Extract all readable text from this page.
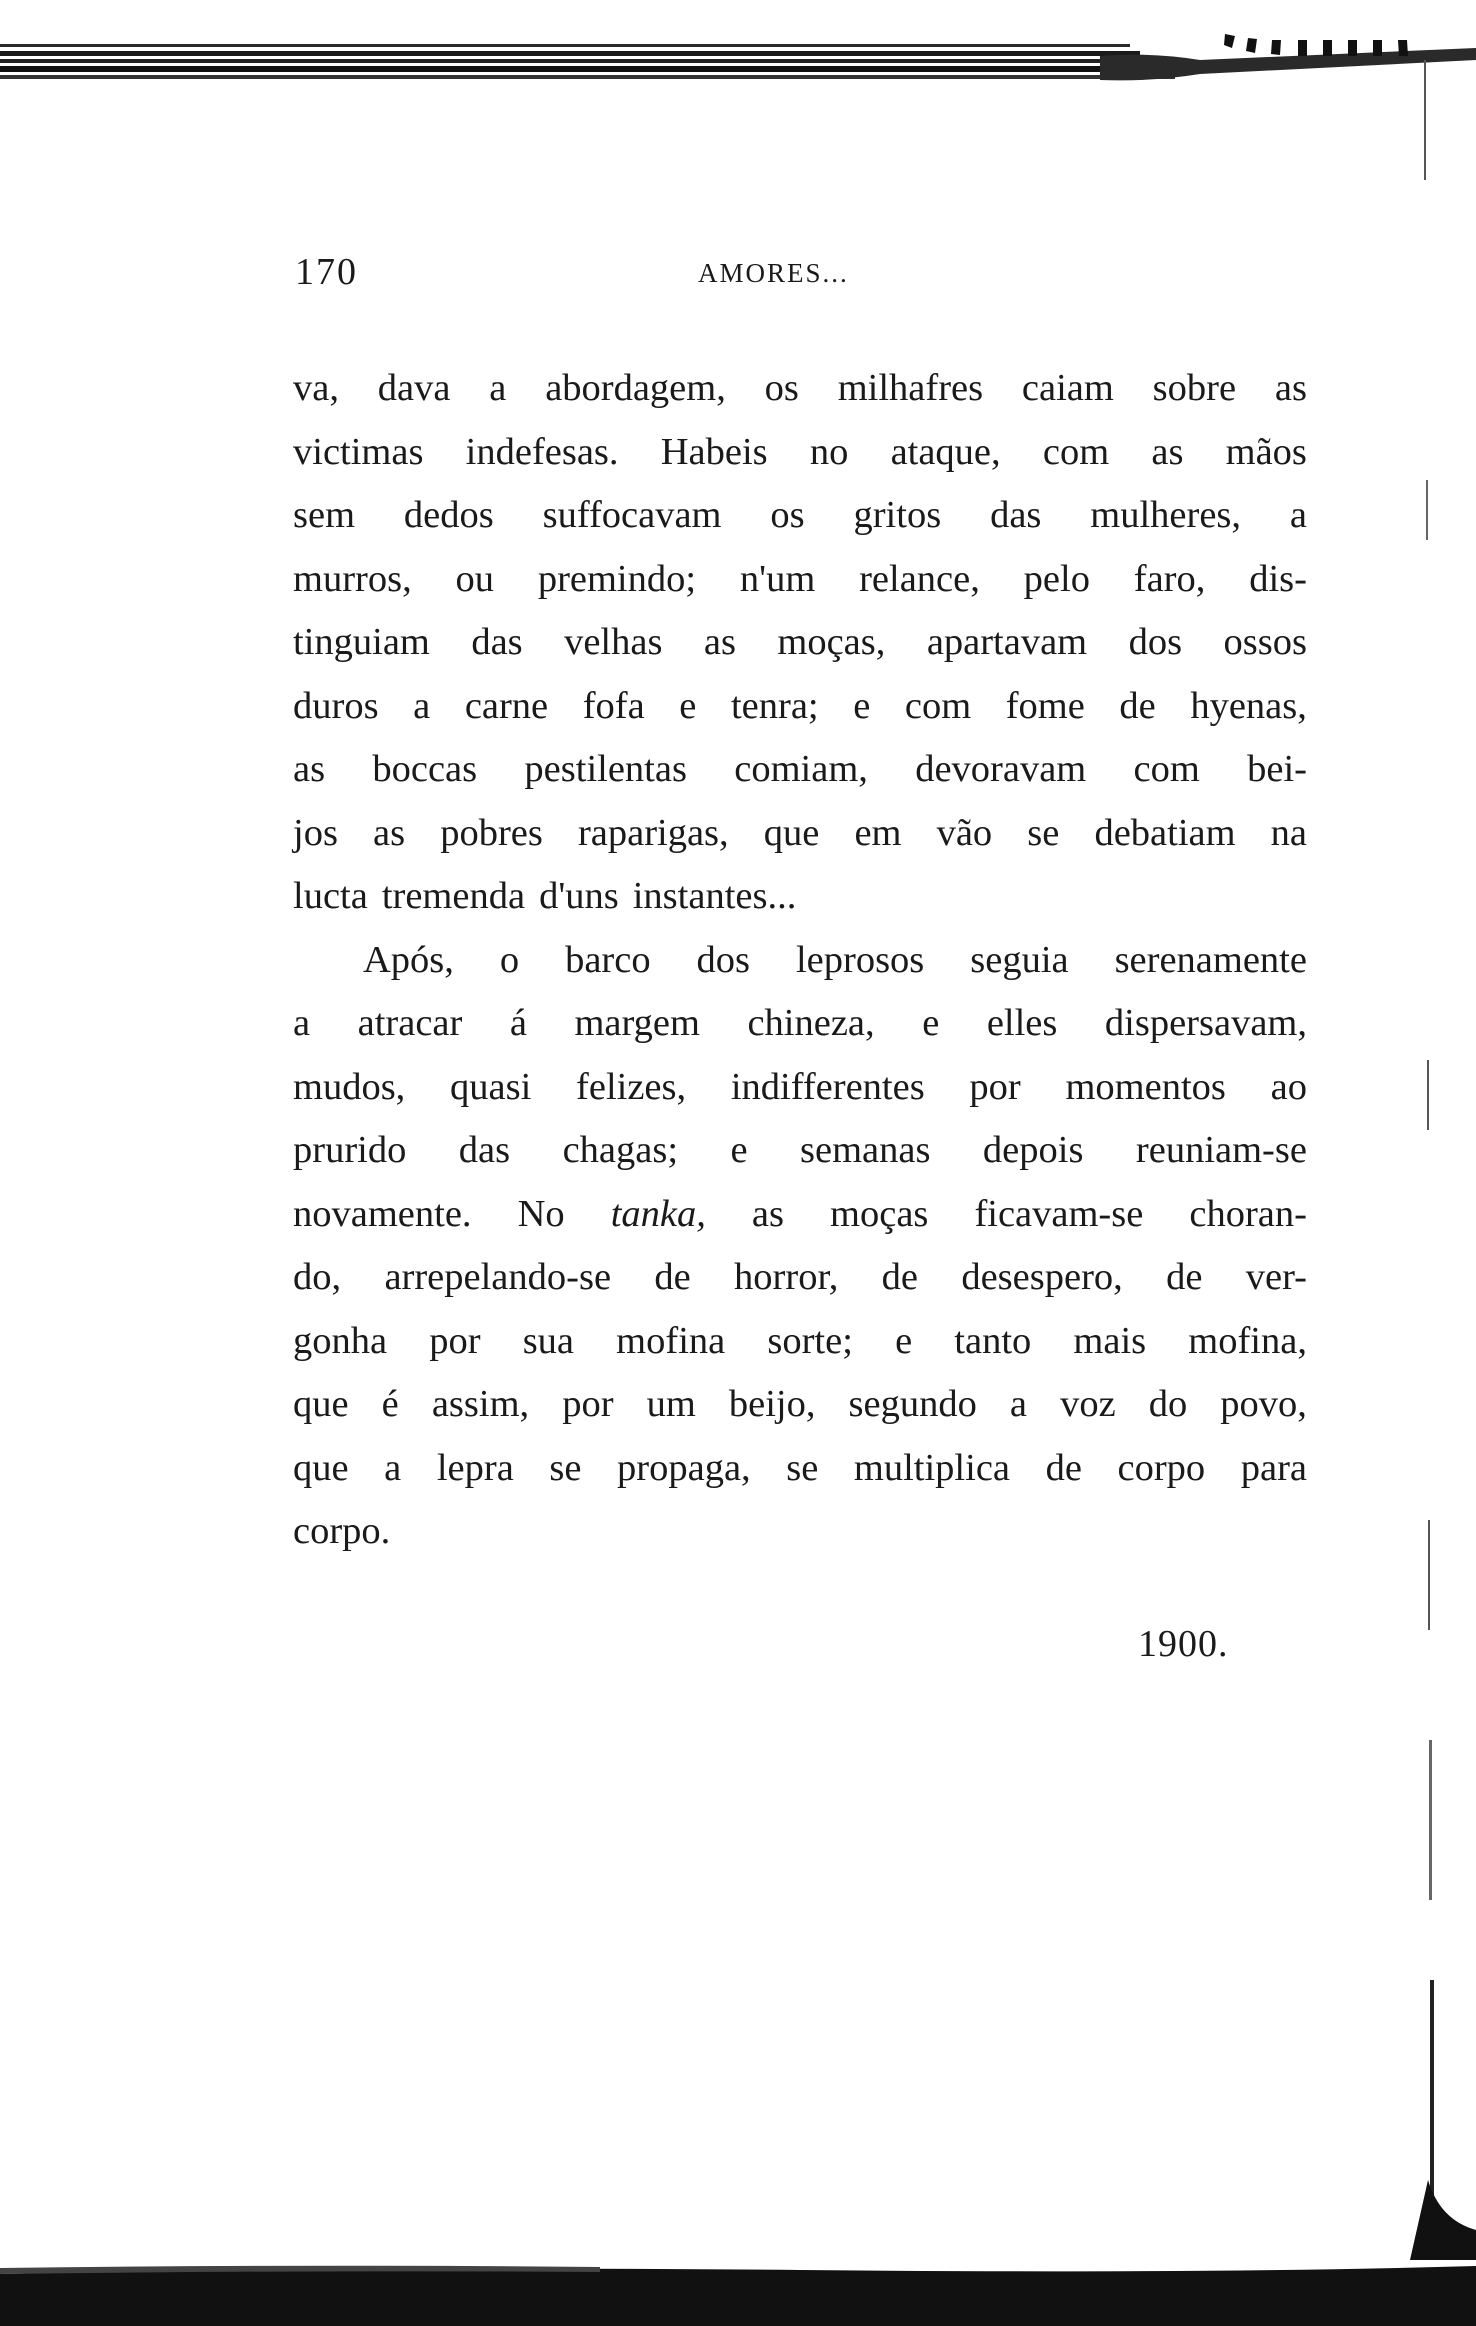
170	AMORES...
va, dava a abordagem, os milhafres caiam sobre as
victimas indefesas. Habeis no ataque, com as mãos
sem dedos suffocavam os gritos das mulheres, a
murros, ou premindo; n'um relance, pelo faro, dis-
tinguiam das velhas as moças, apartavam dos ossos
duros a carne fofa e tenra; e com fome de hyenas,
as boccas pestilentas comiam, devoravam com bei-
jos as pobres raparigas, que em vão se debatiam na
lucta tremenda d'uns instantes...
Após, o barco dos leprosos seguia serenamente
a atracar á margem chineza, e elles dispersavam,
mudos, quasi felizes, indifferentes por momentos ao
prurido das chagas; e semanas depois reuniam-se
novamente. No tanka, as moças ficavam-se choran-
do, arrepelando-se de horror, de desespero, de ver-
gonha por sua mofina sorte; e tanto mais mofina,
que é assim, por um beijo, segundo a voz do povo,
que a lepra se propaga, se multiplica de corpo para
corpo.
1900.
